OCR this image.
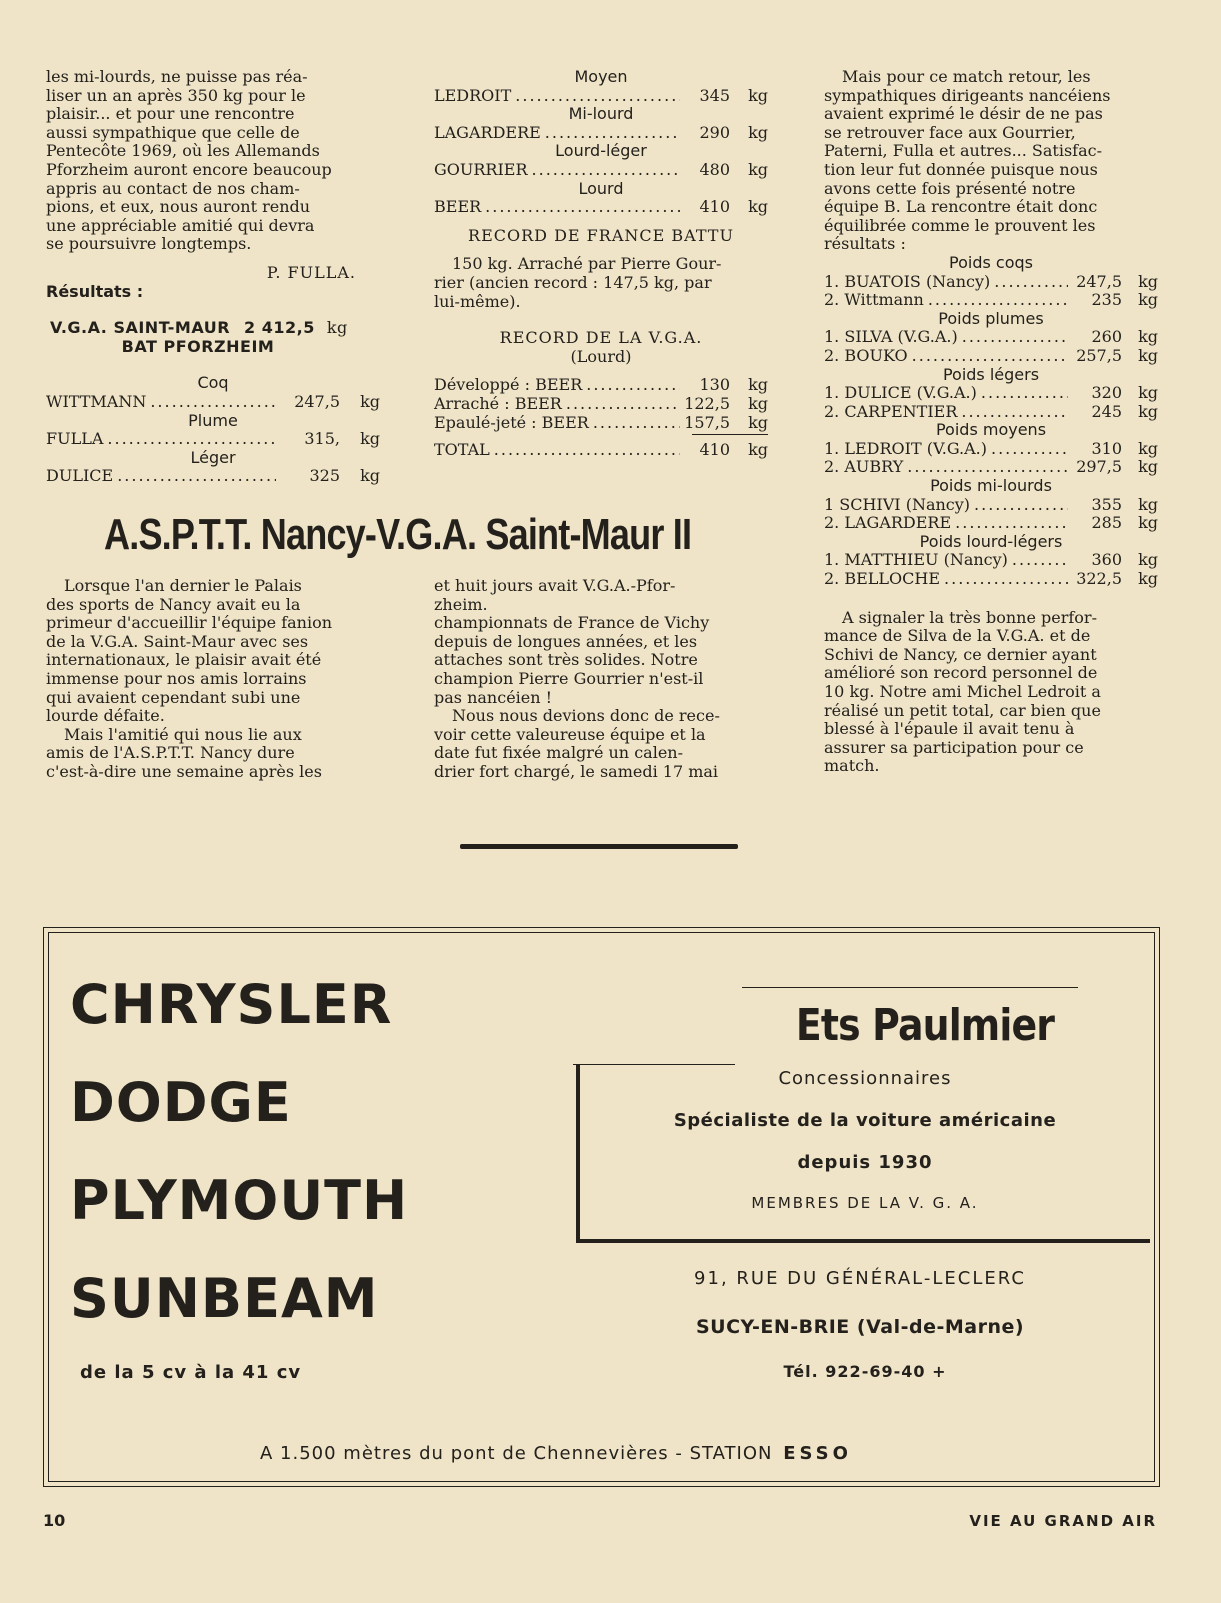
les mi-lourds, ne puisse pas réa-

liser un an après 350 kg pour le

plaisir... et pour une rencontre

aussi sympathique que celle de

Pentecôte 1969, où les Allemands

Pforzheim auront encore beaucoup

appris au contact de nos cham-

pions, et eux, nous auront rendu

une appréciable amitié qui devra

se poursuivre longtemps.

P. FULLA.

Résultats :

V.G.A. SAINT-MAUR 2 412,5 kg

BAT PFORZHEIM

Coq
WITTMANN .....	247,5	kg
Plume
FULLA .....	315,	kg
Léger
DULICE .....	325	kg
Moyen
LEDROIT .....	345	kg
Mi-lourd
LAGARDERE .....	290	kg
Lourd-léger
GOURRIER .....	480	kg
Lourd
BEER .....	410	kg

RECORD DE FRANCE BATTU

150 kg. Arraché par Pierre Gour-

rier (ancien record : 147,5 kg, par

lui-même).

RECORD DE LA V.G.A.

(Lourd)

Développé : BEER .....	130	kg
Arraché : BEER .....	122,5	kg
Epaulé-jeté : BEER .....	157,5	kg
TOTAL .....	410	kg
A.S.P.T.T. Nancy-V.G.A. Saint-Maur II

Lorsque l'an dernier le Palais

des sports de Nancy avait eu la

primeur d'accueillir l'équipe fanion

de la V.G.A. Saint-Maur avec ses

internationaux, le plaisir avait été

immense pour nos amis lorrains

qui avaient cependant subi une

lourde défaite.

Mais l'amitié qui nous lie aux

amis de l'A.S.P.T.T. Nancy dure

c'est-à-dire une semaine après les

et huit jours avait V.G.A.-Pfor-

zheim.

championnats de France de Vichy

depuis de longues années, et les

attaches sont très solides. Notre

champion Pierre Gourrier n'est-il

pas nancéien !

Nous nous devions donc de rece-

voir cette valeureuse équipe et la

date fut fixée malgré un calen-

drier fort chargé, le samedi 17 mai

Mais pour ce match retour, les

sympathiques dirigeants nancéiens

avaient exprimé le désir de ne pas

se retrouver face aux Gourrier,

Paterni, Fulla et autres... Satisfac-

tion leur fut donnée puisque nous

avons cette fois présenté notre

équipe B. La rencontre était donc

équilibrée comme le prouvent les

résultats :

Poids coqs
1. BUATOIS (Nancy) .....	247,5	kg
2. Wittmann .....	235	kg
Poids plumes
1. SILVA (V.G.A.) .....	260	kg
2. BOUKO .....	257,5	kg
Poids légers
1. DULICE (V.G.A.) .....	320	kg
2. CARPENTIER .....	245	kg
Poids moyens
1. LEDROIT (V.G.A.) .....	310	kg
2. AUBRY .....	297,5	kg
Poids mi-lourds
1 SCHIVI (Nancy) .....	355	kg
2. LAGARDERE .....	285	kg
Poids lourd-légers
1. MATTHIEU (Nancy) .....	360	kg
2. BELLOCHE .....	322,5	kg

A signaler la très bonne perfor-

mance de Silva de la V.G.A. et de

Schivi de Nancy, ce dernier ayant

amélioré son record personnel de

10 kg. Notre ami Michel Ledroit a

réalisé un petit total, car bien que

blessé à l'épaule il avait tenu à

assurer sa participation pour ce

match.

CHRYSLER
DODGE
PLYMOUTH
SUNBEAM
de la 5 cv à la 41 cv
Ets Paulmier
Concessionnaires
Spécialiste de la voiture américaine
depuis 1930
MEMBRES DE LA V. G. A.
91, RUE DU GÉNÉRAL-LECLERC
SUCY-EN-BRIE (Val-de-Marne)
Tél. 922-69-40 +
A 1.500 mètres du pont de Chennevières - STATION ESSO
10	VIE AU GRAND AIR
